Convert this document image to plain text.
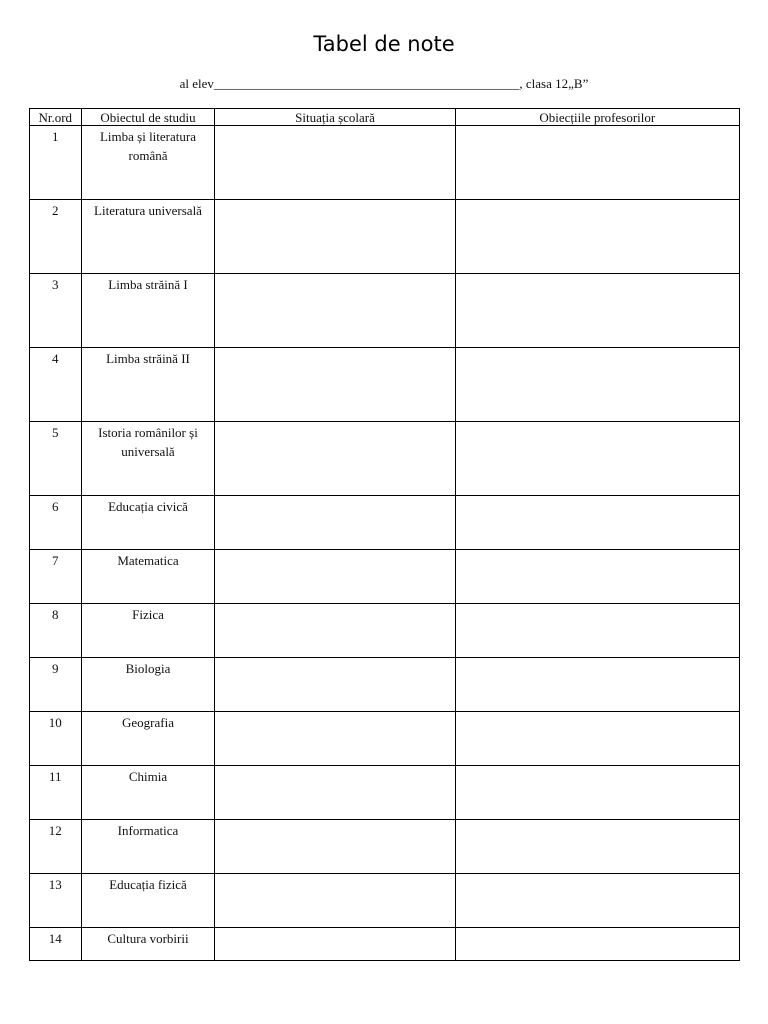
Tabel de note
al elev_______________________________________________, clasa 12„B”
Nr.ord	Obiectul de studiu	Situația școlară	Obiecțiile profesorilor
1	Limba și literatura română		
2	Literatura universală		
3	Limba străină I		
4	Limba străină II		
5	Istoria românilor și universală		
6	Educația civică		
7	Matematica		
8	Fizica		
9	Biologia		
10	Geografia		
11	Chimia		
12	Informatica		
13	Educația fizică		
14	Cultura vorbirii		
